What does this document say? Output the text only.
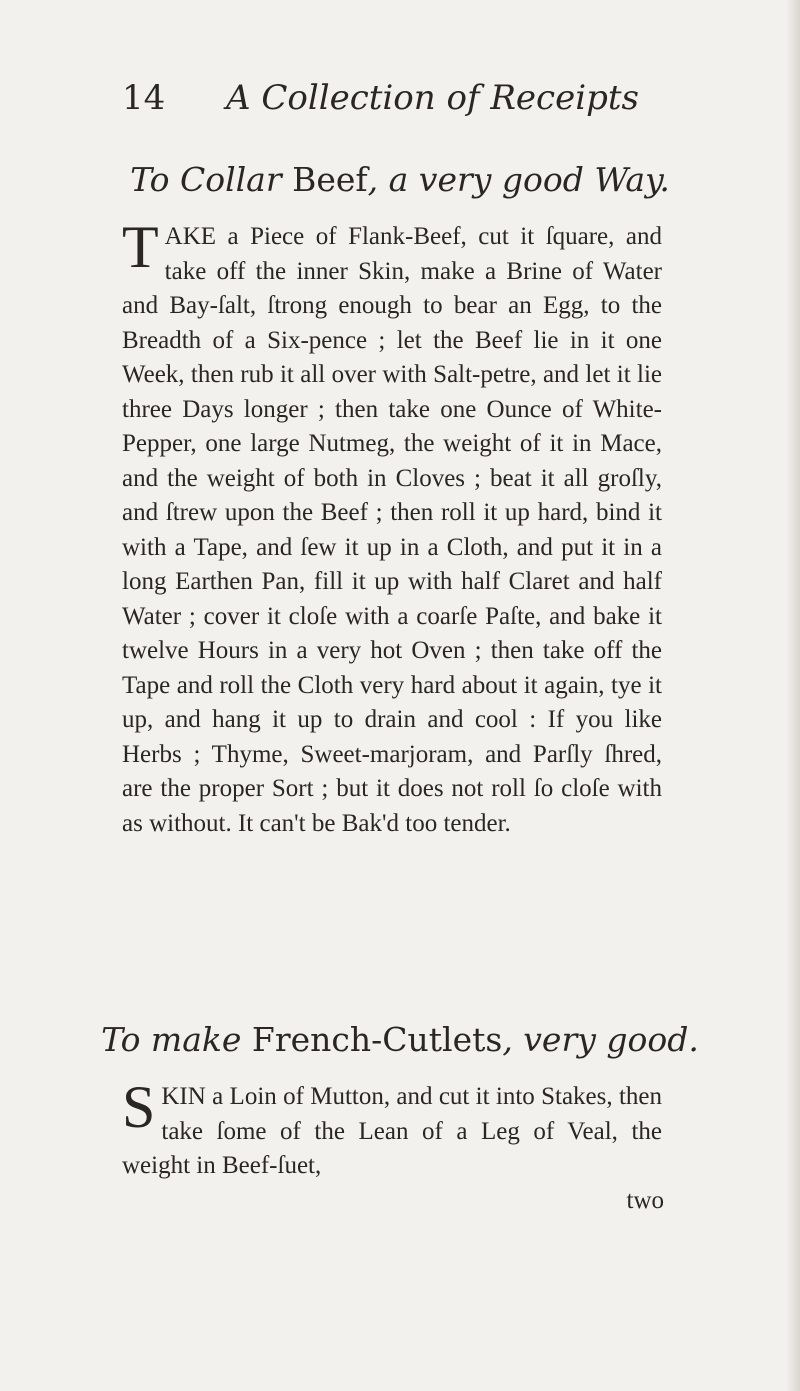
14 A Collection of Receipts
To Collar Beef, a very good Way.
TAKE a Piece of Flank-Beef, cut it ſquare, and take off the inner Skin, make a Brine of Water and Bay-ſalt, ſtrong enough to bear an Egg, to the Breadth of a Six-pence ; let the Beef lie in it one Week, then rub it all over with Salt-petre, and let it lie three Days longer ; then take one Ounce of White-Pepper, one large Nutmeg, the weight of it in Mace, and the weight of both in Cloves ; beat it all groſly, and ſtrew upon the Beef ; then roll it up hard, bind it with a Tape, and ſew it up in a Cloth, and put it in a long Earthen Pan, fill it up with half Claret and half Water ; cover it cloſe with a coarſe Paſte, and bake it twelve Hours in a very hot Oven ; then take off the Tape and roll the Cloth very hard about it again, tye it up, and hang it up to drain and cool : If you like Herbs ; Thyme, Sweet-marjoram, and Parſly ſhred, are the proper Sort ; but it does not roll ſo cloſe with as without. It can't be Bak'd too tender.
To make French-Cutlets, very good.
SKIN a Loin of Mutton, and cut it into Stakes, then take ſome of the Lean of a Leg of Veal, the weight in Beef-ſuet,
two
